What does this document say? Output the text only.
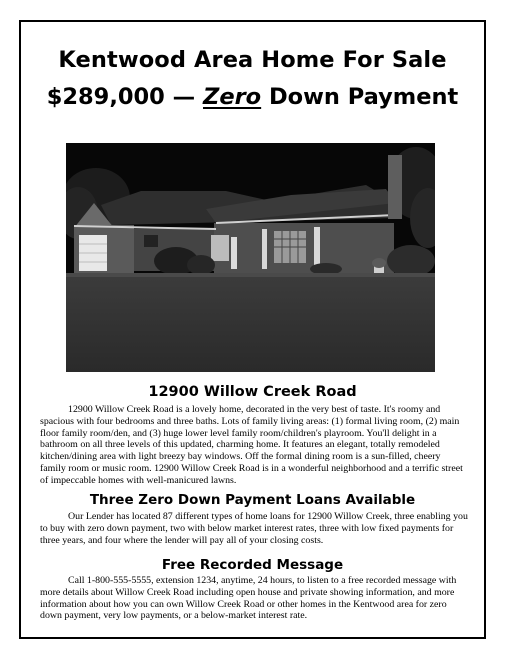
Kentwood Area Home For Sale
$289,000 — Zero Down Payment
12900 Willow Creek Road
12900 Willow Creek Road is a lovely home, decorated in the very best of taste. It's roomy and spacious with four bedrooms and three baths. Lots of family living areas: (1) formal living room, (2) main floor family room/den, and (3) huge lower level family room/children's playroom. You'll delight in a bathroom on all three levels of this updated, charming home. It features an elegant, totally remodeled kitchen/dining area with light breezy bay windows. Off the formal dining room is a sun-filled, cheery family room or music room. 12900 Willow Creek Road is in a wonderful neighborhood and a terrific street of impeccable homes with well-manicured lawns.
Three Zero Down Payment Loans Available
Our Lender has located 87 different types of home loans for 12900 Willow Creek, three enabling you to buy with zero down payment, two with below market interest rates, three with low fixed payments for three years, and four where the lender will pay all of your closing costs.
Free Recorded Message
Call 1-800-555-5555, extension 1234, anytime, 24 hours, to listen to a free recorded message with more details about Willow Creek Road including open house and private showing information, and more information about how you can own Willow Creek Road or other homes in the Kentwood area for zero down payment, very low payments, or a below-market interest rate.
